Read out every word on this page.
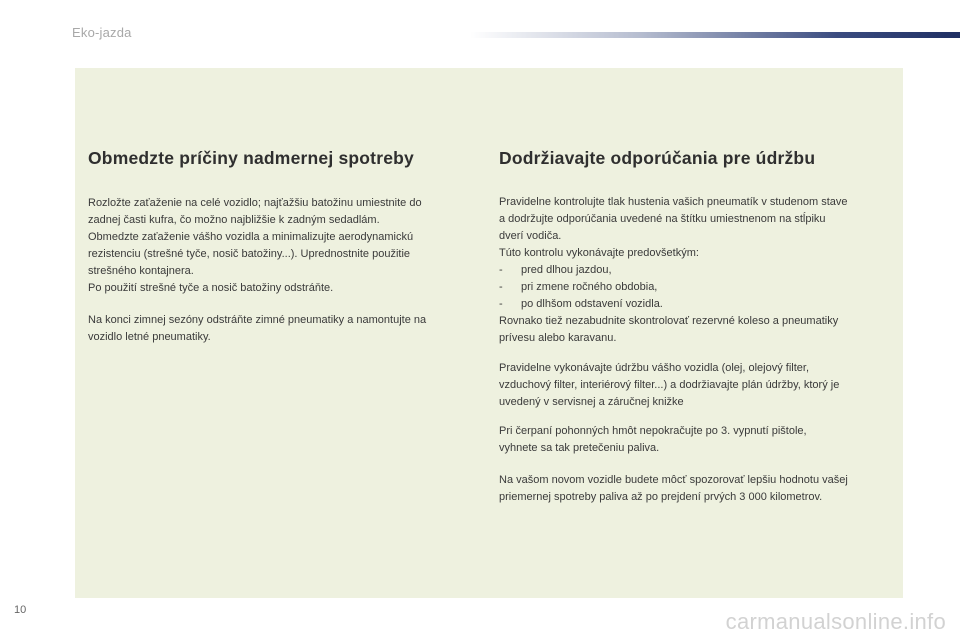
Eko-jazda
Obmedzte príčiny nadmernej spotreby
Rozložte zaťaženie na celé vozidlo; najťažšiu batožinu umiestnite do
zadnej časti kufra, čo možno najbližšie k zadným sedadlám.
Obmedzte zaťaženie vášho vozidla a minimalizujte aerodynamickú
rezistenciu (strešné tyče, nosič batožiny...). Uprednostnite použitie
strešného kontajnera.
Po použití strešné tyče a nosič batožiny odstráňte.
Na konci zimnej sezóny odstráňte zimné pneumatiky a namontujte na
vozidlo letné pneumatiky.
Dodržiavajte odporúčania pre údržbu
Pravidelne kontrolujte tlak hustenia vašich pneumatík v studenom stave
a dodržujte odporúčania uvedené na štítku umiestnenom na stĺpiku
dverí vodiča.
Túto kontrolu vykonávajte predovšetkým:
-	pred dlhou jazdou,
-	pri zmene ročného obdobia,
-	po dlhšom odstavení vozidla.
Rovnako tiež nezabudnite skontrolovať rezervné koleso a pneumatiky
prívesu alebo karavanu.
Pravidelne vykonávajte údržbu vášho vozidla (olej, olejový filter,
vzduchový filter, interiérový filter...) a dodržiavajte plán údržby, ktorý je
uvedený v servisnej a záručnej knižke
Pri čerpaní pohonných hmôt nepokračujte po 3. vypnutí pištole,
vyhnete sa tak pretečeniu paliva.
Na vašom novom vozidle budete môcť spozorovať lepšiu hodnotu vašej
priemernej spotreby paliva až po prejdení prvých 3 000 kilometrov.
10	carmanualsonline.info
